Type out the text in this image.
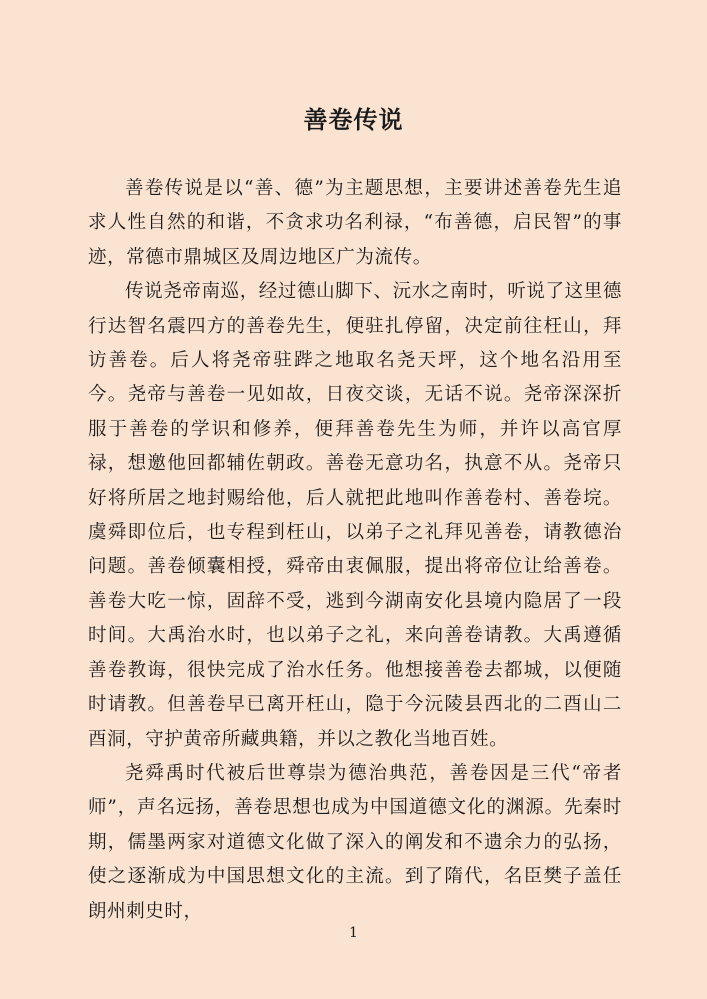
善卷传说

善卷传说是以“善、德”为主题思想，主要讲述善卷先生追求人性自然的和谐，不贪求功名利禄，“布善德，启民智”的事迹，常德市鼎城区及周边地区广为流传。

传说尧帝南巡，经过德山脚下、沅水之南时，听说了这里德行达智名震四方的善卷先生，便驻扎停留，决定前往枉山，拜访善卷。后人将尧帝驻跸之地取名尧天坪，这个地名沿用至今。尧帝与善卷一见如故，日夜交谈，无话不说。尧帝深深折服于善卷的学识和修养，便拜善卷先生为师，并许以高官厚禄，想邀他回都辅佐朝政。善卷无意功名，执意不从。尧帝只好将所居之地封赐给他，后人就把此地叫作善卷村、善卷垸。虞舜即位后，也专程到枉山，以弟子之礼拜见善卷，请教德治问题。善卷倾囊相授，舜帝由衷佩服，提出将帝位让给善卷。善卷大吃一惊，固辞不受，逃到今湖南安化县境内隐居了一段时间。大禹治水时，也以弟子之礼，来向善卷请教。大禹遵循善卷教诲，很快完成了治水任务。他想接善卷去都城，以便随时请教。但善卷早已离开枉山，隐于今沅陵县西北的二酉山二酉洞，守护黄帝所藏典籍，并以之教化当地百姓。

尧舜禹时代被后世尊崇为德治典范，善卷因是三代“帝者师”，声名远扬，善卷思想也成为中国道德文化的渊源。先秦时期，儒墨两家对道德文化做了深入的阐发和不遗余力的弘扬，使之逐渐成为中国思想文化的主流。到了隋代，名臣樊子盖任朗州刺史时，

1
